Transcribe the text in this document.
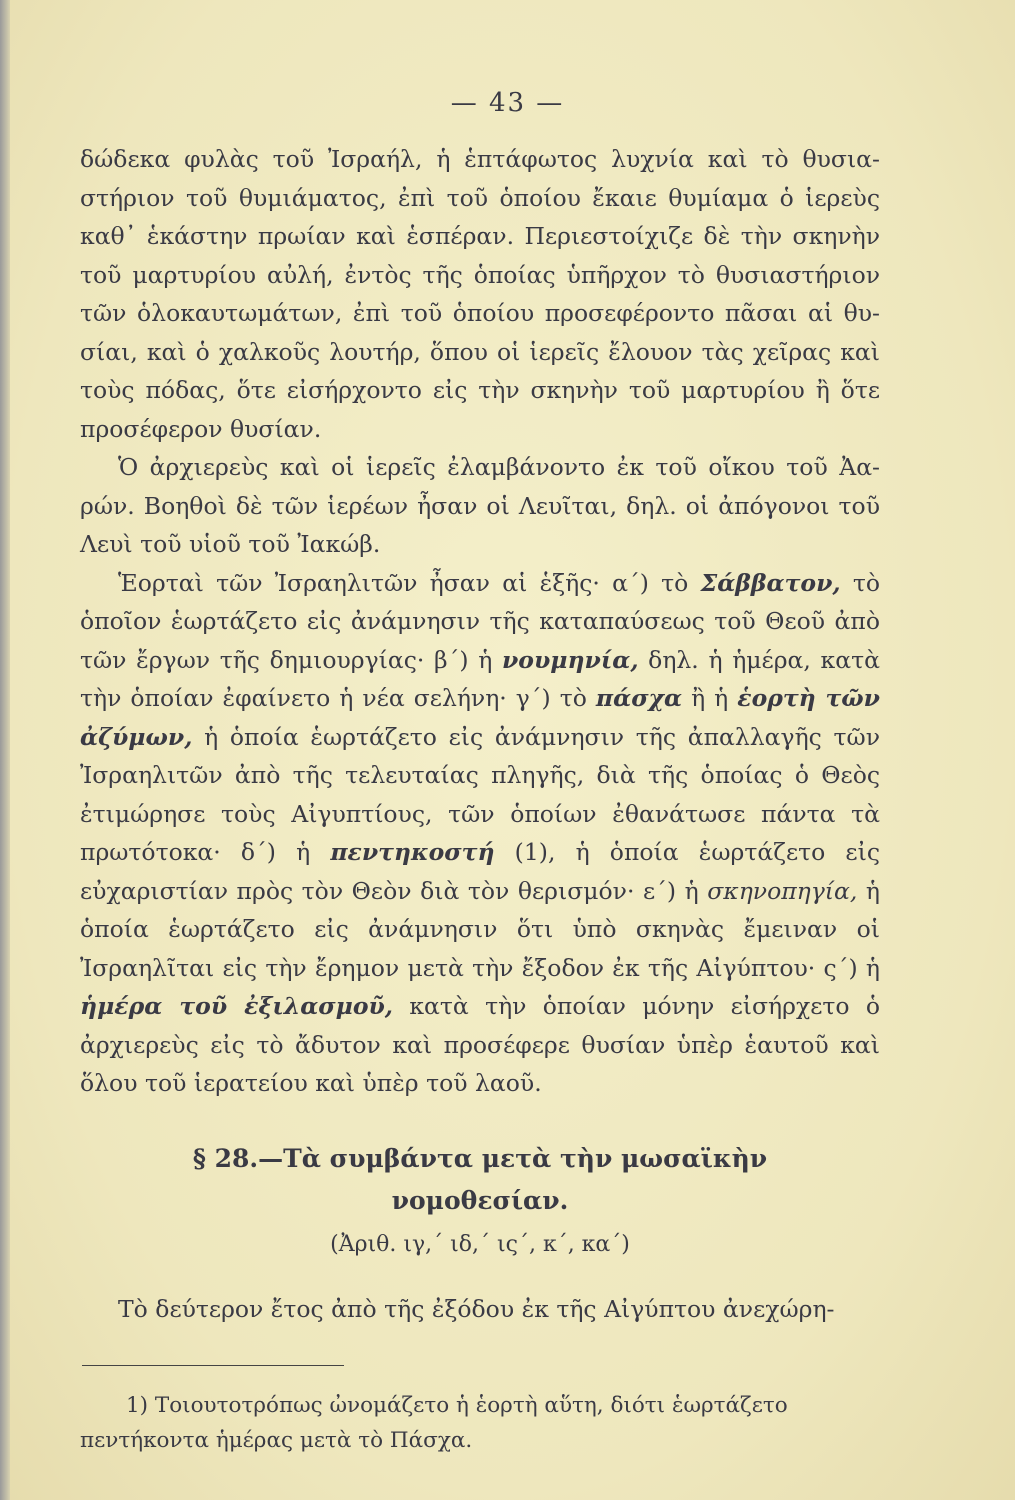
— 43 —

δώδεκα φυλὰς τοῦ Ἰσραήλ, ἡ ἑπτάφωτος λυχνία καὶ τὸ θυσια- στήριον τοῦ θυμιάματος, ἐπὶ τοῦ ὁποίου ἔκαιε θυμίαμα ὁ ἱερεὺς καθ᾽ ἑκάστην πρωίαν καὶ ἑσπέραν. Περιεστοίχιζε δὲ τὴν σκηνὴν τοῦ μαρτυρίου αὐλή, ἐντὸς τῆς ὁποίας ὑπῆρχον τὸ θυσιαστήριον τῶν ὁλοκαυτωμάτων, ἐπὶ τοῦ ὁποίου προσεφέροντο πᾶσαι αἱ θυ- σίαι, καὶ ὁ χαλκοῦς λουτήρ, ὅπου οἱ ἱερεῖς ἔλουον τὰς χεῖρας καὶ τοὺς πόδας, ὅτε εἰσήρχοντο εἰς τὴν σκηνὴν τοῦ μαρτυρίου ἢ ὅτε προσέφερον θυσίαν.

Ὁ ἀρχιερεὺς καὶ οἱ ἱερεῖς ἐλαμβάνοντο ἐκ τοῦ οἴκου τοῦ Ἀα- ρών. Βοηθοὶ δὲ τῶν ἱερέων ἦσαν οἱ Λευῖται, δηλ. οἱ ἀπόγονοι τοῦ Λευὶ τοῦ υἱοῦ τοῦ Ἰακώβ.

Ἑορταὶ τῶν Ἰσραηλιτῶν ἦσαν αἱ ἑξῆς· α΄) τὸ Σάββατον, τὸ ὁποῖον ἑωρτάζετο εἰς ἀνάμνησιν τῆς καταπαύσεως τοῦ Θεοῦ ἀπὸ τῶν ἔργων τῆς δημιουργίας· β΄) ἡ νουμηνία, δηλ. ἡ ἡμέρα, κατὰ τὴν ὁποίαν ἐφαίνετο ἡ νέα σελήνη· γ΄) τὸ πάσχα ἢ ἡ ἑορτὴ τῶν ἀζύμων, ἡ ὁποία ἑωρτάζετο εἰς ἀνάμνησιν τῆς ἀπαλλαγῆς τῶν Ἰσραηλιτῶν ἀπὸ τῆς τελευταίας πληγῆς, διὰ τῆς ὁποίας ὁ Θεὸς ἐτιμώρησε τοὺς Αἰγυπτίους, τῶν ὁποίων ἐθανάτωσε πάντα τὰ πρωτότοκα· δ΄) ἡ πεντηκοστή (1), ἡ ὁποία ἑωρτάζετο εἰς εὐχαριστίαν πρὸς τὸν Θεὸν διὰ τὸν θερισμόν· ε΄) ἡ σκηνοπηγία, ἡ ὁποία ἑωρτάζετο εἰς ἀνάμνησιν ὅτι ὑπὸ σκηνὰς ἔμειναν οἱ Ἰσραηλῖται εἰς τὴν ἔρημον μετὰ τὴν ἔξοδον ἐκ τῆς Αἰγύπτου· ς΄) ἡ ἡμέρα τοῦ ἐξιλασμοῦ, κατὰ τὴν ὁποίαν μόνην εἰσήρχετο ὁ ἀρχιερεὺς εἰς τὸ ἄδυτον καὶ προσέφερε θυσίαν ὑπὲρ ἑαυτοῦ καὶ ὅλου τοῦ ἱερατείου καὶ ὑπὲρ τοῦ λαοῦ.

§ 28.—Τὰ συμβάντα μετὰ τὴν μωσαϊκὴν
νομοθεσίαν.
(Ἀριθ. ιγ,΄ ιδ,΄ ις΄, κ΄, κα΄)

Τὸ δεύτερον ἔτος ἀπὸ τῆς ἐξόδου ἐκ τῆς Αἰγύπτου ἀνεχώρη-

1) Τοιουτοτρόπως ὠνομάζετο ἡ ἑορτὴ αὕτη, διότι ἑωρτάζετο πεντήκοντα ἡμέρας μετὰ τὸ Πάσχα.
